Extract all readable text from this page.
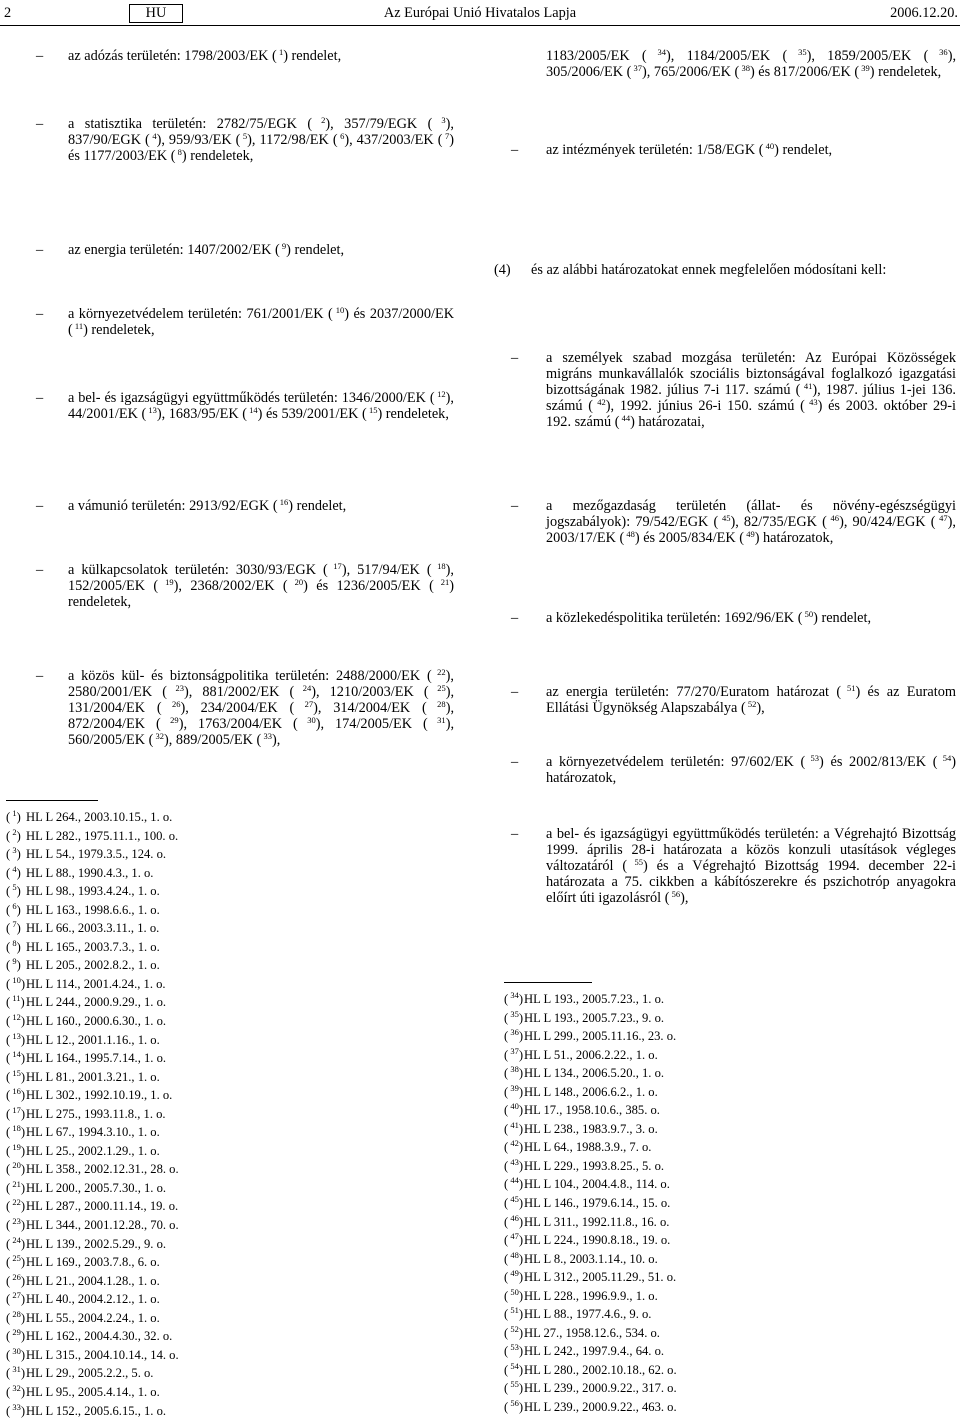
2	HU	Az Európai Unió Hivatalos Lapja	2006.12.20.
– az adózás területén: 1798/2003/EK ( $^1$) rendelet,
– a statisztika területén: 2782/75/EGK ( $^2$), 357/79/EGK ( $^3$), 837/90/EGK ( $^4$), 959/93/EK ( $^5$), 1172/98/EK ( $^6$), 437/2003/EK ( $^7$) és 1177/2003/EK ( $^8$) rendeletek,
– az energia területén: 1407/2002/EK ( $^9$) rendelet,
– a környezetvédelem területén: 761/2001/EK ( $^{10}$) és 2037/2000/EK ( $^{11}$) rendeletek,
– a bel- és igazságügyi együttműködés területén: 1346/2000/EK ( $^{12}$), 44/2001/EK ( $^{13}$), 1683/95/EK ( $^{14}$) és 539/2001/EK ( $^{15}$) rendeletek,
– a vámunió területén: 2913/92/EGK ( $^{16}$) rendelet,
– a külkapcsolatok területén: 3030/93/EGK ( $^{17}$), 517/94/EK ( $^{18}$), 152/2005/EK ( $^{19}$), 2368/2002/EK ( $^{20}$) és 1236/2005/EK ( $^{21}$) rendeletek,
– a közös kül- és biztonságpolitika területén: 2488/2000/EK ( $^{22}$), 2580/2001/EK ( $^{23}$), 881/2002/EK ( $^{24}$), 1210/2003/EK ( $^{25}$), 131/2004/EK ( $^{26}$), 234/2004/EK ( $^{27}$), 314/2004/EK ( $^{28}$), 872/2004/EK ( $^{29}$), 1763/2004/EK ( $^{30}$), 174/2005/EK ( $^{31}$), 560/2005/EK ( $^{32}$), 889/2005/EK ( $^{33}$),
( $^1$) HL L 264., 2003.10.15., 1. o.
( $^2$) HL L 282., 1975.11.1., 100. o.
( $^3$) HL L 54., 1979.3.5., 124. o.
( $^4$) HL L 88., 1990.4.3., 1. o.
( $^5$) HL L 98., 1993.4.24., 1. o.
( $^6$) HL L 163., 1998.6.6., 1. o.
( $^7$) HL L 66., 2003.3.11., 1. o.
( $^8$) HL L 165., 2003.7.3., 1. o.
( $^9$) HL L 205., 2002.8.2., 1. o.
( $^{10}$)HL L 114., 2001.4.24., 1. o.
( $^{11}$)HL L 244., 2000.9.29., 1. o.
( $^{12}$)HL L 160., 2000.6.30., 1. o.
( $^{13}$)HL L 12., 2001.1.16., 1. o.
( $^{14}$)HL L 164., 1995.7.14., 1. o.
( $^{15}$)HL L 81., 2001.3.21., 1. o.
( $^{16}$)HL L 302., 1992.10.19., 1. o.
( $^{17}$)HL L 275., 1993.11.8., 1. o.
( $^{18}$)HL L 67., 1994.3.10., 1. o.
( $^{19}$)HL L 25., 2002.1.29., 1. o.
( $^{20}$)HL L 358., 2002.12.31., 28. o.
( $^{21}$)HL L 200., 2005.7.30., 1. o.
( $^{22}$)HL L 287., 2000.11.14., 19. o.
( $^{23}$)HL L 344., 2001.12.28., 70. o.
( $^{24}$)HL L 139., 2002.5.29., 9. o.
( $^{25}$)HL L 169., 2003.7.8., 6. o.
( $^{26}$)HL L 21., 2004.1.28., 1. o.
( $^{27}$)HL L 40., 2004.2.12., 1. o.
( $^{28}$)HL L 55., 2004.2.24., 1. o.
( $^{29}$)HL L 162., 2004.4.30., 32. o.
( $^{30}$)HL L 315., 2004.10.14., 14. o.
( $^{31}$)HL L 29., 2005.2.2., 5. o.
( $^{32}$)HL L 95., 2005.4.14., 1. o.
( $^{33}$)HL L 152., 2005.6.15., 1. o.
1183/2005/EK ( $^{34}$), 1184/2005/EK ( $^{35}$), 1859/2005/EK ( $^{36}$), 305/2006/EK ( $^{37}$), 765/2006/EK ( $^{38}$) és 817/2006/EK ( $^{39}$) rendeletek,
– az intézmények területén: 1/58/EGK ( $^{40}$) rendelet,
(4) és az alábbi határozatokat ennek megfelelően módosítani kell:
– a személyek szabad mozgása területén: Az Európai Közösségek migráns munkavállalók szociális biztonságával foglalkozó igazgatási bizottságának 1982. július 7-i 117. számú ( $^{41}$), 1987. július 1-jei 136. számú ( $^{42}$), 1992. június 26-i 150. számú ( $^{43}$) és 2003. október 29-i 192. számú ( $^{44}$) határozatai,
– a mezőgazdaság területén (állat- és növény-egészségügyi jogszabályok): 79/542/EGK ( $^{45}$), 82/735/EGK ( $^{46}$), 90/424/EGK ( $^{47}$), 2003/17/EK ( $^{48}$) és 2005/834/EK ( $^{49}$) határozatok,
– a közlekedéspolitika területén: 1692/96/EK ( $^{50}$) rendelet,
– az energia területén: 77/270/Euratom határozat ( $^{51}$) és az Euratom Ellátási Ügynökség Alapszabálya ( $^{52}$),
– a környezetvédelem területén: 97/602/EK ( $^{53}$) és 2002/813/EK ( $^{54}$) határozatok,
– a bel- és igazságügyi együttműködés területén: a Végrehajtó Bizottság 1999. április 28-i határozata a közös konzuli utasítások végleges változatáról ( $^{55}$) és a Végrehajtó Bizottság 1994. december 22-i határozata a 75. cikkben a kábítószerekre és pszichotróp anyagokra előírt úti igazolásról ( $^{56}$),
( $^{34}$)HL L 193., 2005.7.23., 1. o.
( $^{35}$)HL L 193., 2005.7.23., 9. o.
( $^{36}$)HL L 299., 2005.11.16., 23. o.
( $^{37}$)HL L 51., 2006.2.22., 1. o.
( $^{38}$)HL L 134., 2006.5.20., 1. o.
( $^{39}$)HL L 148., 2006.6.2., 1. o.
( $^{40}$)HL 17., 1958.10.6., 385. o.
( $^{41}$)HL L 238., 1983.9.7., 3. o.
( $^{42}$)HL L 64., 1988.3.9., 7. o.
( $^{43}$)HL L 229., 1993.8.25., 5. o.
( $^{44}$)HL L 104., 2004.4.8., 114. o.
( $^{45}$)HL L 146., 1979.6.14., 15. o.
( $^{46}$)HL L 311., 1992.11.8., 16. o.
( $^{47}$)HL L 224., 1990.8.18., 19. o.
( $^{48}$)HL L 8., 2003.1.14., 10. o.
( $^{49}$)HL L 312., 2005.11.29., 51. o.
( $^{50}$)HL L 228., 1996.9.9., 1. o.
( $^{51}$)HL L 88., 1977.4.6., 9. o.
( $^{52}$)HL 27., 1958.12.6., 534. o.
( $^{53}$)HL L 242., 1997.9.4., 64. o.
( $^{54}$)HL L 280., 2002.10.18., 62. o.
( $^{55}$)HL L 239., 2000.9.22., 317. o.
( $^{56}$)HL L 239., 2000.9.22., 463. o.
